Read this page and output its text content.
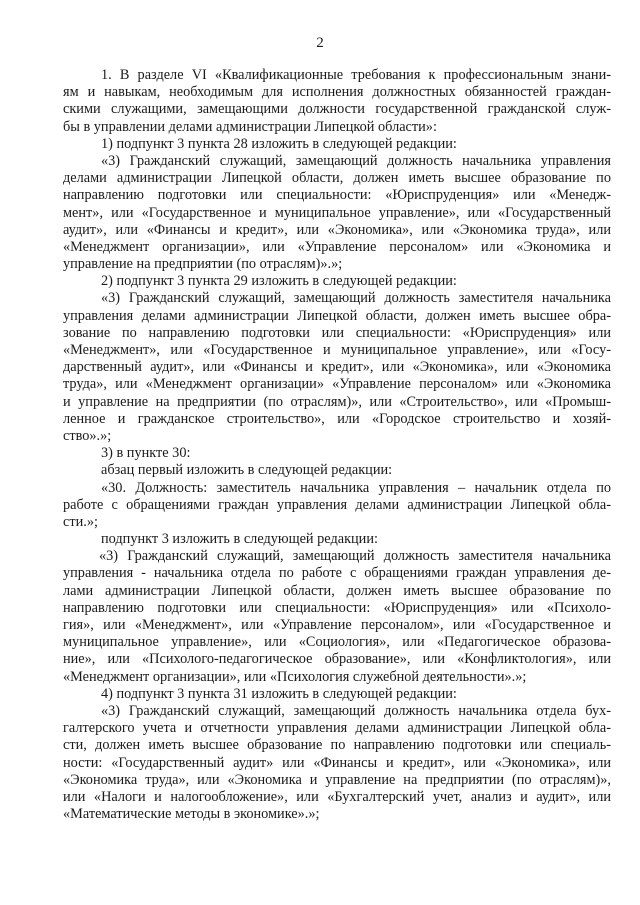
2
1. В разделе VI «Квалификационные требования к профессиональным знани-
ям и навыкам, необходимым для исполнения должностных обязанностей граждан-
скими служащими, замещающими должности государственной гражданской служ-
бы в управлении делами администрации Липецкой области»:
1) подпункт 3 пункта 28 изложить в следующей редакции:
«3) Гражданский служащий, замещающий должность начальника управления
делами администрации Липецкой области, должен иметь высшее образование по
направлению подготовки или специальности: «Юриспруденция» или «Менедж-
мент», или «Государственное и муниципальное управление», или «Государственный
аудит», или «Финансы и кредит», или «Экономика», или «Экономика труда», или
«Менеджмент организации», или «Управление персоналом» или «Экономика и
управление на предприятии (по отраслям)».»;
2) подпункт 3 пункта 29 изложить в следующей редакции:
«3) Гражданский служащий, замещающий должность заместителя начальника
управления делами администрации Липецкой области, должен иметь высшее обра-
зование по направлению подготовки или специальности: «Юриспруденция» или
«Менеджмент», или «Государственное и муниципальное управление», или «Госу-
дарственный аудит», или «Финансы и кредит», или «Экономика», или «Экономика
труда», или «Менеджмент организации» «Управление персоналом» или «Экономика
и управление на предприятии (по отраслям)», или «Строительство», или «Промыш-
ленное и гражданское строительство», или «Городское строительство и хозяй-
ство».»;
3) в пункте 30:
абзац первый изложить в следующей редакции:
«30. Должность: заместитель начальника управления – начальник отдела по
работе с обращениями граждан управления делами администрации Липецкой обла-
сти.»;
подпункт 3 изложить в следующей редакции:
«3) Гражданский служащий, замещающий должность заместителя начальника
управления - начальника отдела по работе с обращениями граждан управления де-
лами администрации Липецкой области, должен иметь высшее образование по
направлению подготовки или специальности: «Юриспруденция» или «Психоло-
гия», или «Менеджмент», или «Управление персоналом», или «Государственное и
муниципальное управление», или «Социология», или «Педагогическое образова-
ние», или «Психолого-педагогическое образование», или «Конфликтология», или
«Менеджмент организации», или «Психология служебной деятельности».»;
4) подпункт 3 пункта 31 изложить в следующей редакции:
«3) Гражданский служащий, замещающий должность начальника отдела бух-
галтерского учета и отчетности управления делами администрации Липецкой обла-
сти, должен иметь высшее образование по направлению подготовки или специаль-
ности: «Государственный аудит» или «Финансы и кредит», или «Экономика», или
«Экономика труда», или «Экономика и управление на предприятии (по отраслям)»,
или «Налоги и налогообложение», или «Бухгалтерский учет, анализ и аудит», или
«Математические методы в экономике».»;
